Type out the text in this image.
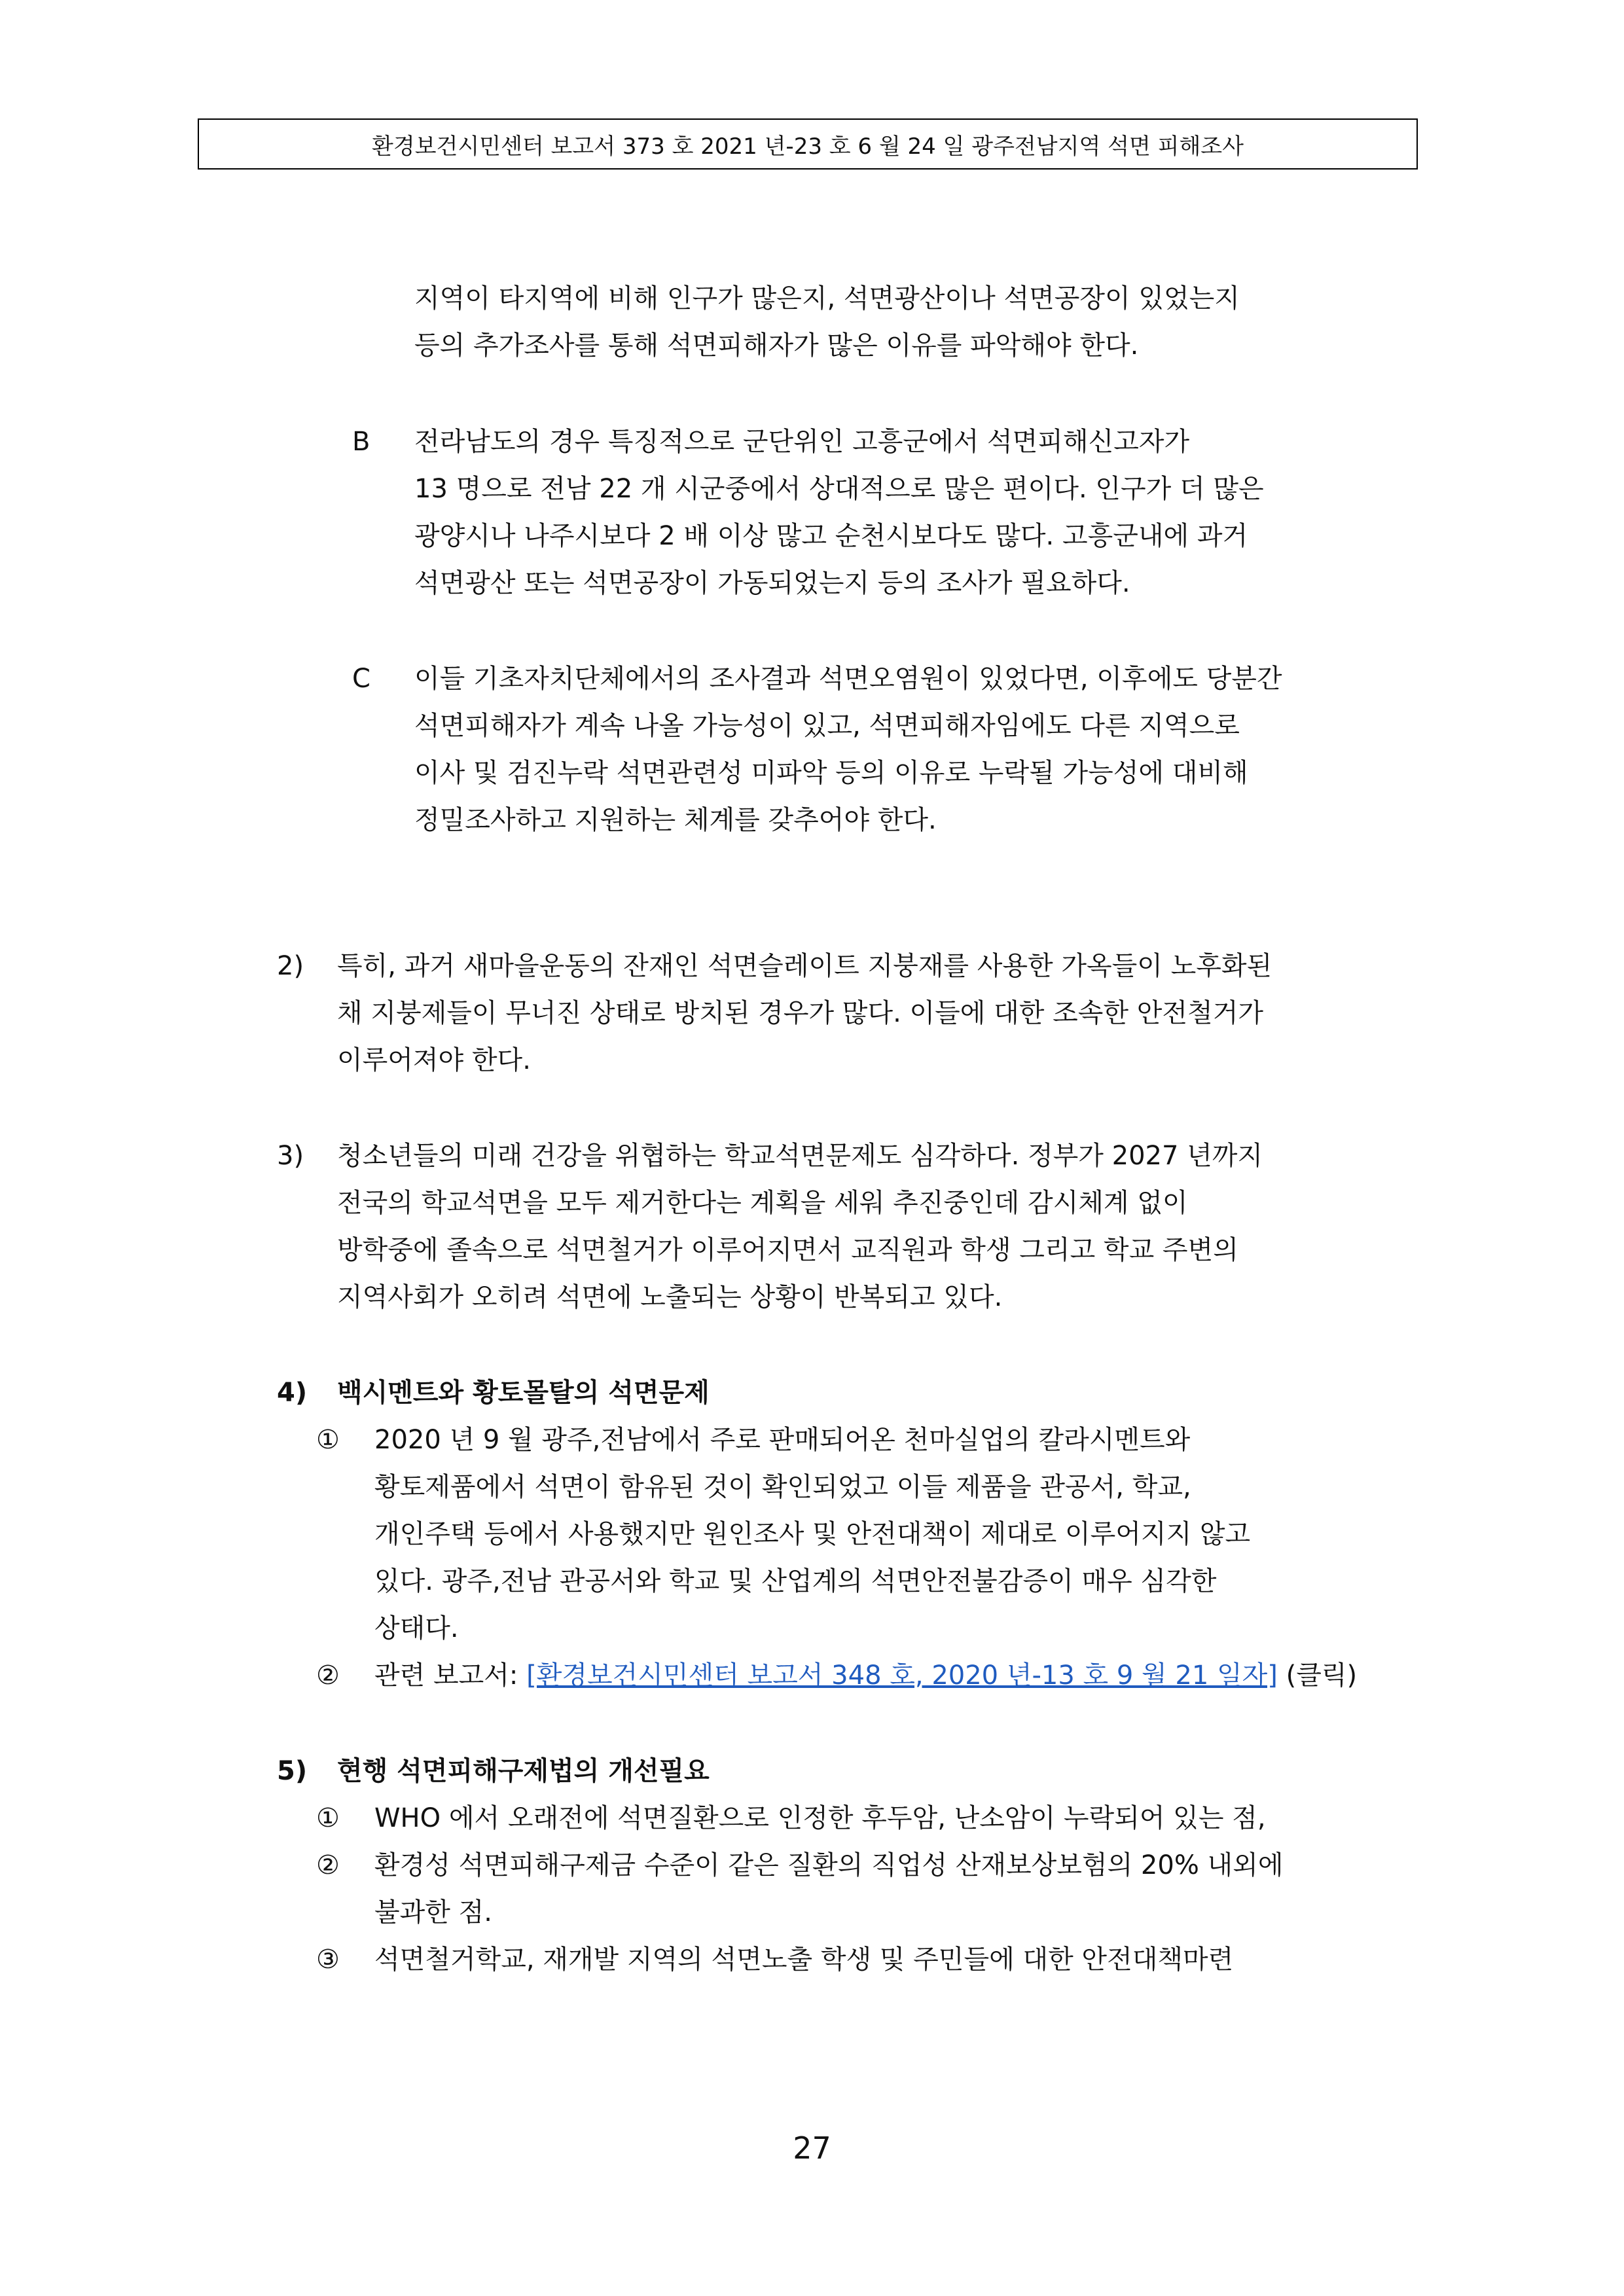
환경보건시민센터 보고서 373 호 2021 년-23 호 6 월 24 일 광주전남지역 석면 피해조사
지역이 타지역에 비해 인구가 많은지, 석면광산이나 석면공장이 있었는지
등의 추가조사를 통해 석면피해자가 많은 이유를 파악해야 한다.
B 전라남도의 경우 특징적으로 군단위인 고흥군에서 석면피해신고자가
13 명으로 전남 22 개 시군중에서 상대적으로 많은 편이다. 인구가 더 많은
광양시나 나주시보다 2 배 이상 많고 순천시보다도 많다. 고흥군내에 과거
석면광산 또는 석면공장이 가동되었는지 등의 조사가 필요하다.
C 이들 기초자치단체에서의 조사결과 석면오염원이 있었다면, 이후에도 당분간
석면피해자가 계속 나올 가능성이 있고, 석면피해자임에도 다른 지역으로
이사 및 검진누락 석면관련성 미파악 등의 이유로 누락될 가능성에 대비해
정밀조사하고 지원하는 체계를 갖추어야 한다.
2) 특히, 과거 새마을운동의 잔재인 석면슬레이트 지붕재를 사용한 가옥들이 노후화된
채 지붕제들이 무너진 상태로 방치된 경우가 많다. 이들에 대한 조속한 안전철거가
이루어져야 한다.
3) 청소년들의 미래 건강을 위협하는 학교석면문제도 심각하다. 정부가 2027 년까지
전국의 학교석면을 모두 제거한다는 계획을 세워 추진중인데 감시체계 없이
방학중에 졸속으로 석면철거가 이루어지면서 교직원과 학생 그리고 학교 주변의
지역사회가 오히려 석면에 노출되는 상황이 반복되고 있다.
4) 백시멘트와 황토몰탈의 석면문제
① 2020 년 9 월 광주,전남에서 주로 판매되어온 천마실업의 칼라시멘트와
황토제품에서 석면이 함유된 것이 확인되었고 이들 제품을 관공서, 학교,
개인주택 등에서 사용했지만 원인조사 및 안전대책이 제대로 이루어지지 않고
있다. 광주,전남 관공서와 학교 및 산업계의 석면안전불감증이 매우 심각한
상태다.
② 관련 보고서: [환경보건시민센터 보고서 348 호, 2020 년-13 호 9 월 21 일자] (클릭)
5) 현행 석면피해구제법의 개선필요
① WHO 에서 오래전에 석면질환으로 인정한 후두암, 난소암이 누락되어 있는 점,
② 환경성 석면피해구제금 수준이 같은 질환의 직업성 산재보상보험의 20% 내외에
불과한 점.
③ 석면철거학교, 재개발 지역의 석면노출 학생 및 주민들에 대한 안전대책마련
27
